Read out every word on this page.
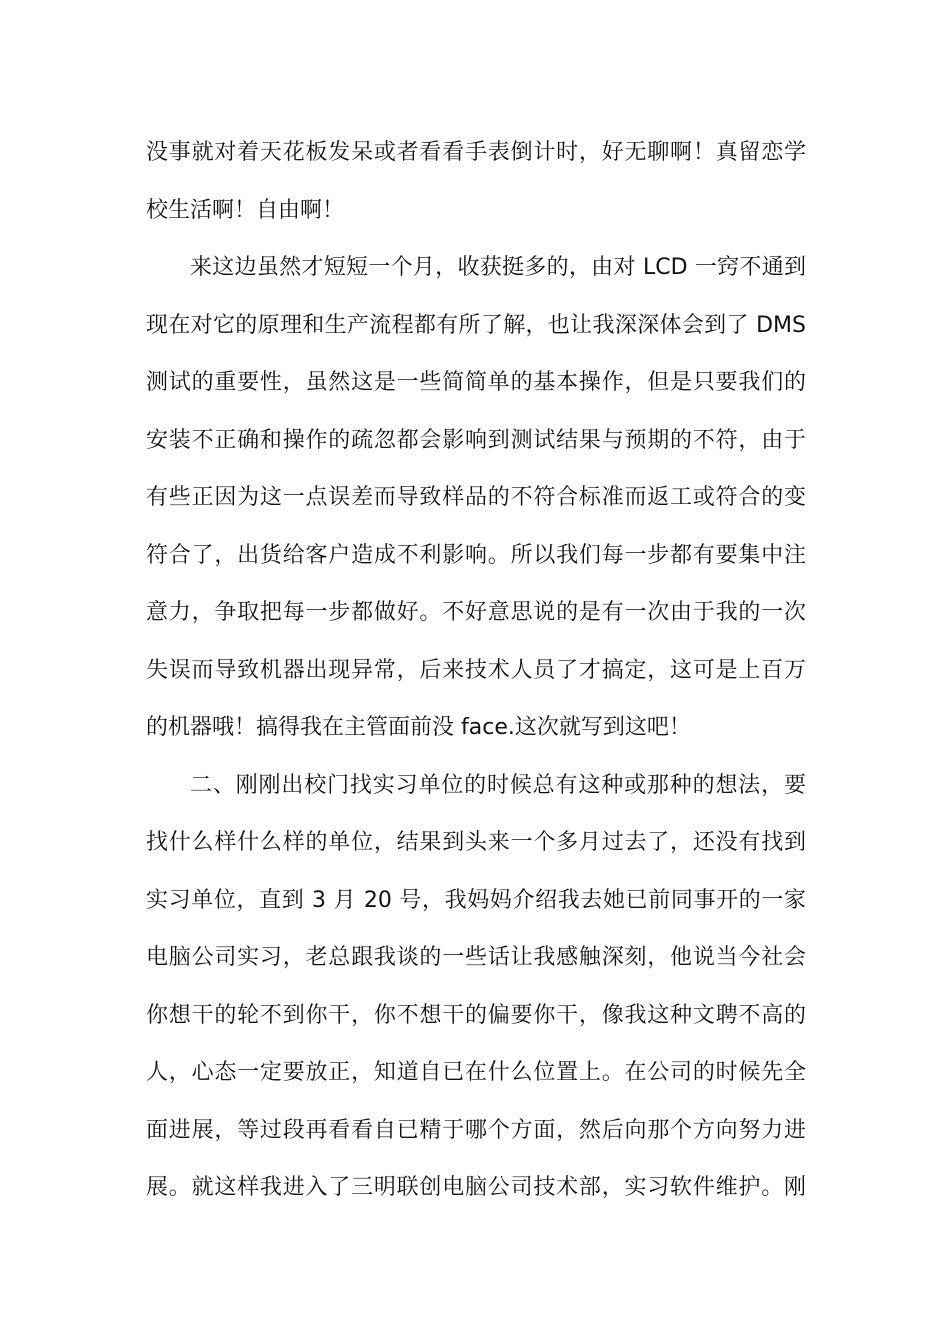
没事就对着天花板发呆或者看看手表倒计时，好无聊啊！真留恋学
校生活啊！自由啊！
来这边虽然才短短一个月，收获挺多的，由对 LCD 一窍不通到
现在对它的原理和生产流程都有所了解，也让我深深体会到了 DMS
测试的重要性，虽然这是一些简简单的基本操作，但是只要我们的
安装不正确和操作的疏忽都会影响到测试结果与预期的不符，由于
有些正因为这一点误差而导致样品的不符合标准而返工或符合的变
符合了，出货给客户造成不利影响。所以我们每一步都有要集中注
意力，争取把每一步都做好。不好意思说的是有一次由于我的一次
失误而导致机器出现异常，后来技术人员了才搞定，这可是上百万
的机器哦！搞得我在主管面前没 face.这次就写到这吧！
二、刚刚出校门找实习单位的时候总有这种或那种的想法，要
找什么样什么样的单位，结果到头来一个多月过去了，还没有找到
实习单位，直到 3 月 20 号，我妈妈介绍我去她已前同事开的一家
电脑公司实习，老总跟我谈的一些话让我感触深刻，他说当今社会
你想干的轮不到你干，你不想干的偏要你干，像我这种文聘不高的
人，心态一定要放正，知道自已在什么位置上。在公司的时候先全
面进展，等过段再看看自已精于哪个方面，然后向那个方向努力进
展。就这样我进入了三明联创电脑公司技术部，实习软件维护。刚
